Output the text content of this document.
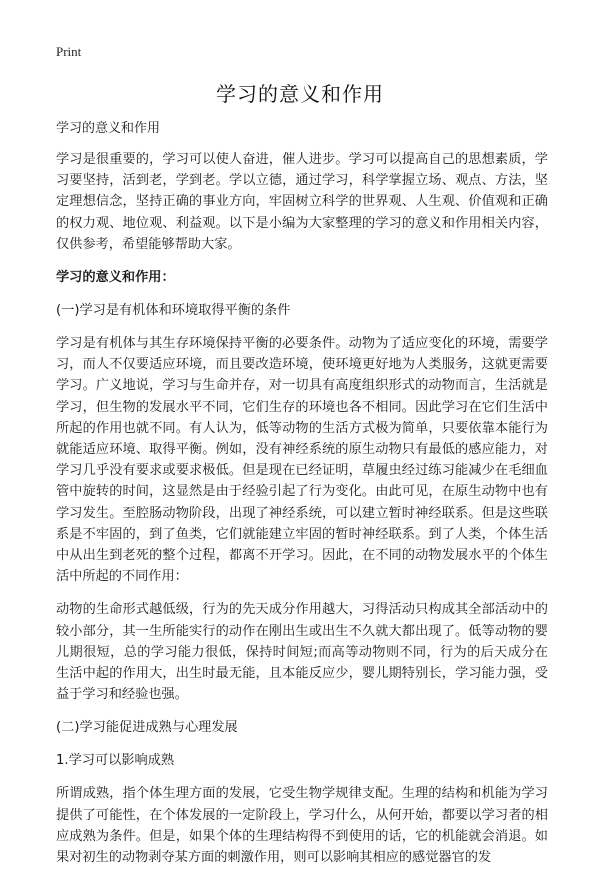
Print
学习的意义和作用
学习的意义和作用

学习是很重要的，学习可以使人奋进，催人进步。学习可以提高自己的思想素质，学习要坚持，活到老，学到老。学以立德，通过学习，科学掌握立场、观点、方法，坚定理想信念，坚持正确的事业方向，牢固树立科学的世界观、人生观、价值观和正确的权力观、地位观、利益观。以下是小编为大家整理的学习的意义和作用相关内容，仅供参考，希望能够帮助大家。

学习的意义和作用：
(一)学习是有机体和环境取得平衡的条件

学习是有机体与其生存环境保持平衡的必要条件。动物为了适应变化的环境，需要学习，而人不仅要适应环境，而且要改造环境，使环境更好地为人类服务，这就更需要学习。广义地说，学习与生命并存，对一切具有高度组织形式的动物而言，生活就是学习，但生物的发展水平不同，它们生存的环境也各不相同。因此学习在它们生活中所起的作用也就不同。有人认为，低等动物的生活方式极为简单，只要依靠本能行为就能适应环境、取得平衡。例如，没有神经系统的原生动物只有最低的感应能力，对学习几乎没有要求或要求极低。但是现在已经证明，草履虫经过练习能减少在毛细血管中旋转的时间，这显然是由于经验引起了行为变化。由此可见，在原生动物中也有学习发生。至腔肠动物阶段，出现了神经系统，可以建立暂时神经联系。但是这些联系是不牢固的，到了鱼类，它们就能建立牢固的暂时神经联系。到了人类，个体生活中从出生到老死的整个过程，都离不开学习。因此，在不同的动物发展水平的个体生活中所起的不同作用：

动物的生命形式越低级，行为的先天成分作用越大，习得活动只构成其全部活动中的较小部分，其一生所能实行的动作在刚出生或出生不久就大都出现了。低等动物的婴儿期很短，总的学习能力很低，保持时间短;而高等动物则不同，行为的后天成分在生活中起的作用大，出生时最无能，且本能反应少，婴儿期特别长，学习能力强，受益于学习和经验也强。

(二)学习能促进成熟与心理发展
1.学习可以影响成熟

所谓成熟，指个体生理方面的发展，它受生物学规律支配。生理的结构和机能为学习提供了可能性，在个体发展的一定阶段上，学习什么，从何开始，都要以学习者的相应成熟为条件。但是，如果个体的生理结构得不到使用的话，它的机能就会消退。如果对初生的动物剥夺某方面的刺激作用，则可以影响其相应的感觉器官的发
